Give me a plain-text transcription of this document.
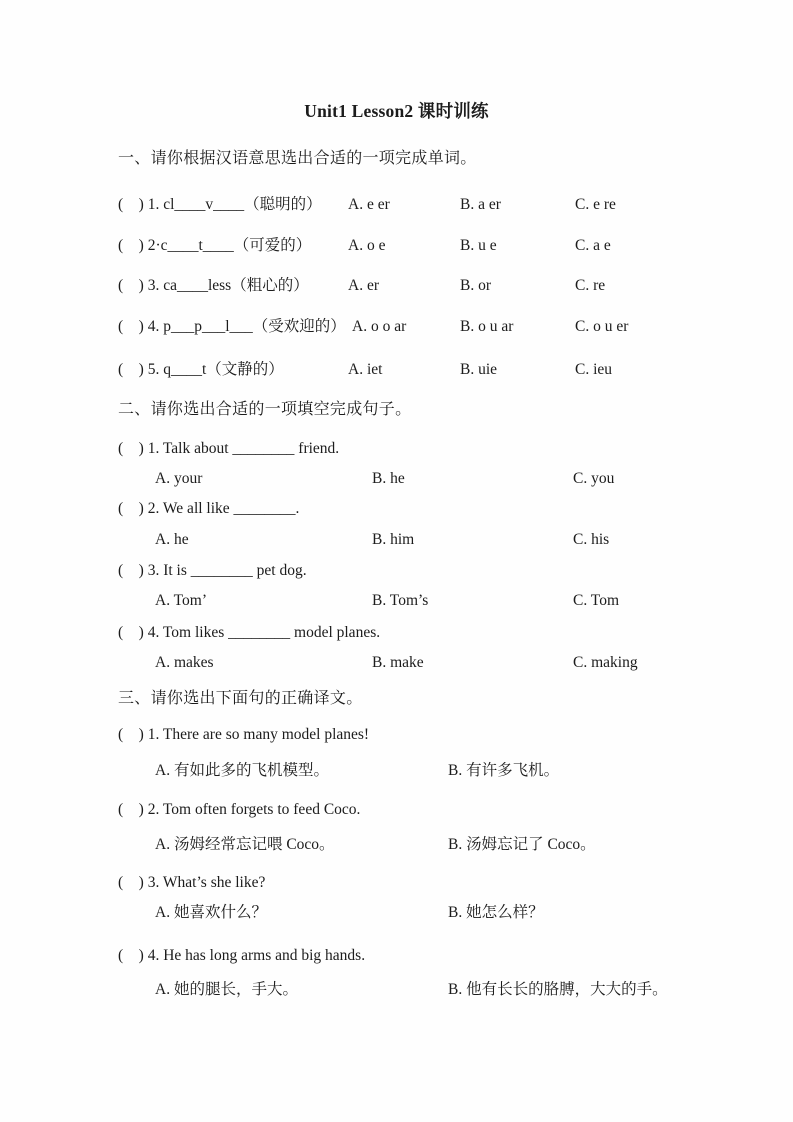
Unit1 Lesson2 课时训练
一、请你根据汉语意思选出合适的一项完成单词。
(　) 1. cl____v____（聪明的） A. e er	B. a er	C. e re
(　) 2·c____t____（可爱的） A. o e	B. u e	C. a e
(　) 3. ca____less（粗心的）	A. er	B. or	C. re
(　) 4. p___p___l___（受欢迎的） A. o o ar	B. o u ar	C. o u er
(　) 5. q____t（文静的）	A. iet	B. uie	C. ieu
二、请你选出合适的一项填空完成句子。
(　) 1. Talk about ________ friend.
A. your	B. he	C. you
(　) 2. We all like ________.
A. he	B. him	C. his
(　) 3. It is ________ pet dog.
A. Tom’	B. Tom’s	C. Tom
(　) 4. Tom likes ________ model planes.
A. makes	B. make	C. making
三、请你选出下面句的正确译文。
(　) 1. There are so many model planes!
A. 有如此多的飞机模型。	B. 有许多飞机。
(　) 2. Tom often forgets to feed Coco.
A. 汤姆经常忘记喂 Coco。	B. 汤姆忘记了 Coco。
(　) 3. What’s she like?
A. 她喜欢什么？	B. 她怎么样？
(　) 4. He has long arms and big hands.
A. 她的腿长，手大。	B. 他有长长的胳膊，大大的手。
